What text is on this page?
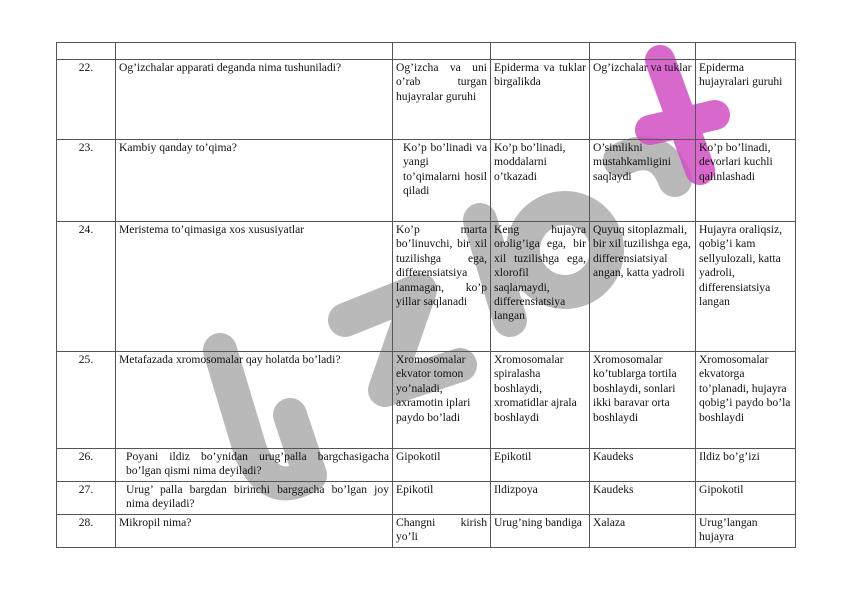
22.	Og’izchalar apparati deganda nima tushuniladi?	Og’izcha va uni o’rab turgan hujayralar guruhi	Epiderma va tuklar birgalikda	Og’izchalar va tuklar	Epiderma hujayralari guruhi
23.	Kambiy qanday to’qima?	Ko’p bo’linadi va yangi to’qimalarni hosil qiladi	Ko’p bo’linadi, moddalarni o’tkazadi	O’simlikni mustahkamligini saqlaydi	Ko’p bo’linadi, devorlari kuchli qalinlashadi
24.	Meristema to’qimasiga xos xususiyatlar	Ko’p marta bo’linuvchi, bir xil tuzilishga ega, differensiatsiya lanmagan, ko’p yillar saqlanadi	Keng hujayra orolig’iga ega, bir xil tuzilishga ega, xlorofil saqlamaydi, differensiatsiya langan	Quyuq sitoplazmali, bir xil tuzilishga ega, differensiatsiyal angan, katta yadroli	Hujayra oraliqsiz, qobig’i kam sellyulozali, katta yadroli, differensiatsiya langan
25.	Metafazada xromosomalar qay holatda bo’ladi?	Xromosomalar ekvator tomon yo’naladi, axramotin iplari paydo bo’ladi	Xromosomalar spiralasha boshlaydi, xromatidlar ajrala boshlaydi	Xromosomalar ko’tublarga tortila boshlaydi, sonlari ikki baravar orta boshlaydi	Xromosomalar ekvatorga to’planadi, hujayra qobig’i paydo bo’la boshlaydi
26.	Poyani ildiz bo’ynidan urug’palla bargchasigacha bo’lgan qismi nima deyiladi?	Gipokotil	Epikotil	Kaudeks	Ildiz bo’g’izi
27.	Urug’ palla bargdan birinchi barggacha bo’lgan joy nima deyiladi?	Epikotil	Ildizpoya	Kaudeks	Gipokotil
28.	Mikropil nima?	Changni kirish yo’li	Urug’ning bandiga	Xalaza	Urug’langan hujayra
